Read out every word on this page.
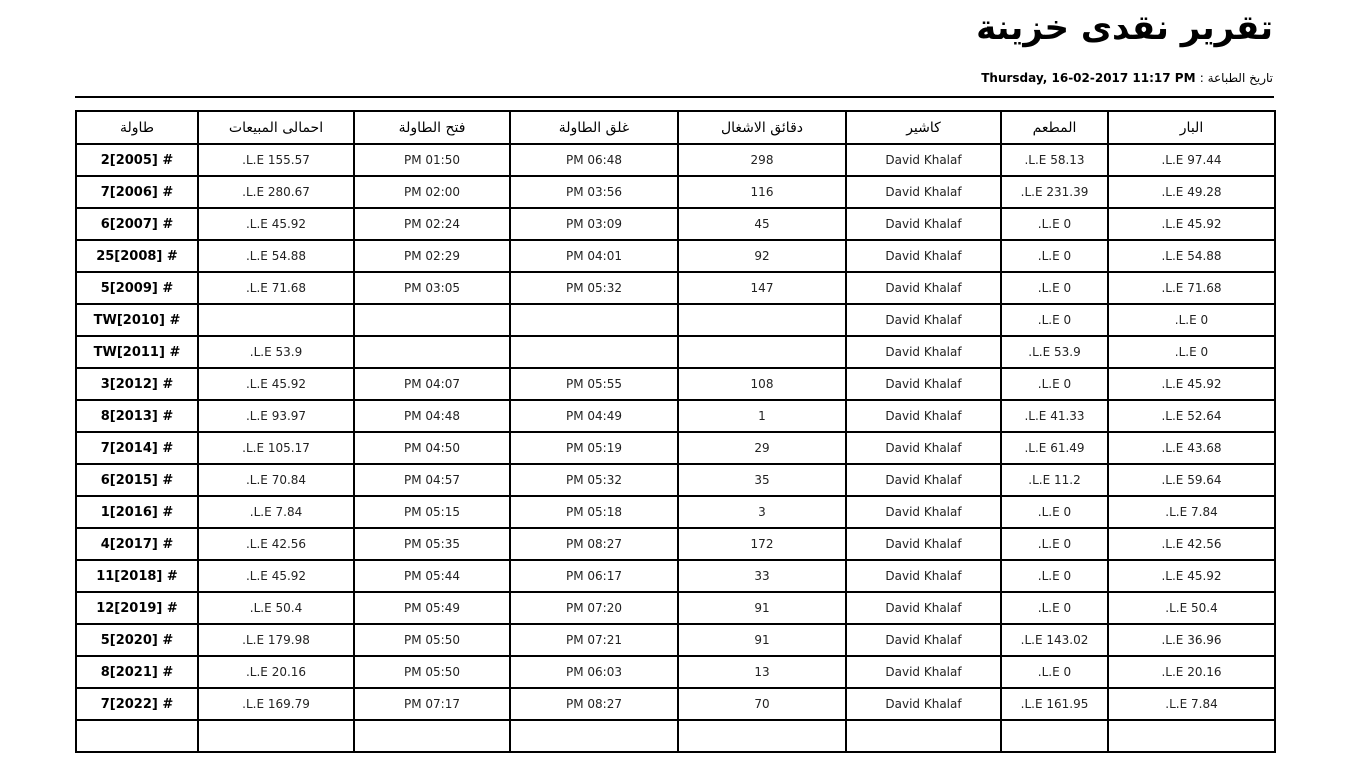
تقرير نقدى خزينة
Thursday, 16-02-2017 11:17 PM تاريخ الطباعة :
البار	المطعم	كاشير	دقائق الاشغال	غلق الطاولة	فتح الطاولة	احمالى المبيعات	طاولة
97.44 L.E.	58.13 L.E.	David Khalaf	298	06:48 PM	01:50 PM	155.57 L.E.	2[2005] #
49.28 L.E.	231.39 L.E.	David Khalaf	116	03:56 PM	02:00 PM	280.67 L.E.	7[2006] #
45.92 L.E.	0 L.E.	David Khalaf	45	03:09 PM	02:24 PM	45.92 L.E.	6[2007] #
54.88 L.E.	0 L.E.	David Khalaf	92	04:01 PM	02:29 PM	54.88 L.E.	25[2008] #
71.68 L.E.	0 L.E.	David Khalaf	147	05:32 PM	03:05 PM	71.68 L.E.	5[2009] #
0 L.E.	0 L.E.	David Khalaf					TW[2010] #
0 L.E.	53.9 L.E.	David Khalaf				53.9 L.E.	TW[2011] #
45.92 L.E.	0 L.E.	David Khalaf	108	05:55 PM	04:07 PM	45.92 L.E.	3[2012] #
52.64 L.E.	41.33 L.E.	David Khalaf	1	04:49 PM	04:48 PM	93.97 L.E.	8[2013] #
43.68 L.E.	61.49 L.E.	David Khalaf	29	05:19 PM	04:50 PM	105.17 L.E.	7[2014] #
59.64 L.E.	11.2 L.E.	David Khalaf	35	05:32 PM	04:57 PM	70.84 L.E.	6[2015] #
7.84 L.E.	0 L.E.	David Khalaf	3	05:18 PM	05:15 PM	7.84 L.E.	1[2016] #
42.56 L.E.	0 L.E.	David Khalaf	172	08:27 PM	05:35 PM	42.56 L.E.	4[2017] #
45.92 L.E.	0 L.E.	David Khalaf	33	06:17 PM	05:44 PM	45.92 L.E.	11[2018] #
50.4 L.E.	0 L.E.	David Khalaf	91	07:20 PM	05:49 PM	50.4 L.E.	12[2019] #
36.96 L.E.	143.02 L.E.	David Khalaf	91	07:21 PM	05:50 PM	179.98 L.E.	5[2020] #
20.16 L.E.	0 L.E.	David Khalaf	13	06:03 PM	05:50 PM	20.16 L.E.	8[2021] #
7.84 L.E.	161.95 L.E.	David Khalaf	70	08:27 PM	07:17 PM	169.79 L.E.	7[2022] #
